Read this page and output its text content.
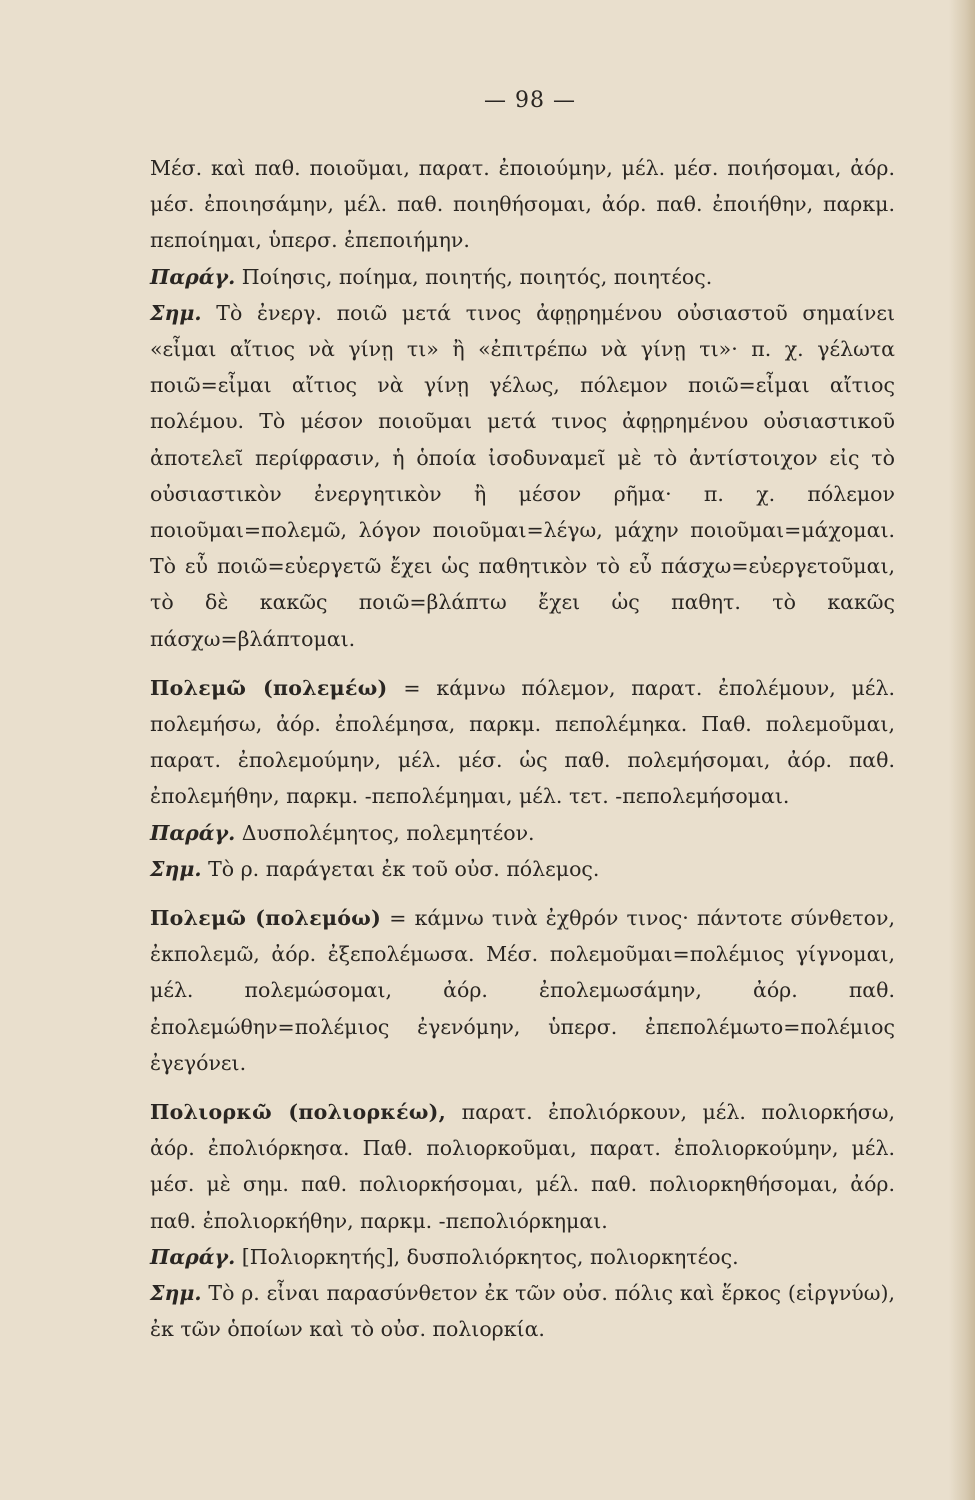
— 98 —

Μέσ. καὶ παθ. ποιοῦμαι, παρατ. ἐποιούμην, μέλ. μέσ. ποιήσομαι, ἀόρ. μέσ. ἐποιησάμην, μέλ. παθ. ποιηθήσομαι, ἀόρ. παθ. ἐποιήθην, παρκμ. πεποίημαι, ὑπερσ. ἐπεποιήμην.

Παράγ. Ποίησις, ποίημα, ποιητής, ποιητός, ποιητέος.

Σημ. Τὸ ἐνεργ. ποιῶ μετά τινος ἀφῃρημένου οὐσιαστοῦ σημαίνει «εἶμαι αἴτιος νὰ γίνῃ τι» ἢ «ἐπιτρέπω νὰ γίνῃ τι»· π. χ. γέλωτα ποιῶ=εἶμαι αἴτιος νὰ γίνῃ γέλως, πόλεμον ποιῶ=εἶμαι αἴτιος πολέμου. Τὸ μέσον ποιοῦμαι μετά τινος ἀφῃρημένου οὐσιαστικοῦ ἀποτελεῖ περίφρασιν, ἡ ὁποία ἰσοδυναμεῖ μὲ τὸ ἀντίστοιχον εἰς τὸ οὐσιαστικὸν ἐνεργητικὸν ἢ μέσον ρῆμα· π. χ. πόλεμον ποιοῦμαι=πολεμῶ, λόγον ποιοῦμαι=λέγω, μάχην ποιοῦμαι=μάχομαι. Τὸ εὖ ποιῶ=εὐεργετῶ ἔχει ὡς παθητικὸν τὸ εὖ πάσχω=εὐεργετοῦμαι, τὸ δὲ κακῶς ποιῶ=βλάπτω ἔχει ὡς παθητ. τὸ κακῶς πάσχω=βλάπτομαι.

Πολεμῶ (πολεμέω) = κάμνω πόλεμον, παρατ. ἐπολέμουν, μέλ. πολεμήσω, ἀόρ. ἐπολέμησα, παρκμ. πεπολέμηκα. Παθ. πολεμοῦμαι, παρατ. ἐπολεμούμην, μέλ. μέσ. ὡς παθ. πολεμήσομαι, ἀόρ. παθ. ἐπολεμήθην, παρκμ. -πεπολέμημαι, μέλ. τετ. -πεπολεμήσομαι.

Παράγ. Δυσπολέμητος, πολεμητέον.

Σημ. Τὸ ρ. παράγεται ἐκ τοῦ οὐσ. πόλεμος.

Πολεμῶ (πολεμόω) = κάμνω τινὰ ἐχθρόν τινος· πάντοτε σύνθετον, ἐκπολεμῶ, ἀόρ. ἐξεπολέμωσα. Μέσ. πολεμοῦμαι=πολέμιος γίγνομαι, μέλ. πολεμώσομαι, ἀόρ. ἐπολεμωσάμην, ἀόρ. παθ. ἐπολεμώθην=πολέμιος ἐγενόμην, ὑπερσ. ἐπεπολέμωτο=πολέμιος ἐγεγόνει.

Πολιορκῶ (πολιορκέω), παρατ. ἐπολιόρκουν, μέλ. πολιορκήσω, ἀόρ. ἐπολιόρκησα. Παθ. πολιορκοῦμαι, παρατ. ἐπολιορκούμην, μέλ. μέσ. μὲ σημ. παθ. πολιορκήσομαι, μέλ. παθ. πολιορκηθήσομαι, ἀόρ. παθ. ἐπολιορκήθην, παρκμ. -πεπολιόρκημαι.

Παράγ. [Πολιορκητής], δυσπολιόρκητος, πολιορκητέος.

Σημ. Τὸ ρ. εἶναι παρασύνθετον ἐκ τῶν οὐσ. πόλις καὶ ἕρκος (εἱργνύω), ἐκ τῶν ὁποίων καὶ τὸ οὐσ. πολιορκία.
